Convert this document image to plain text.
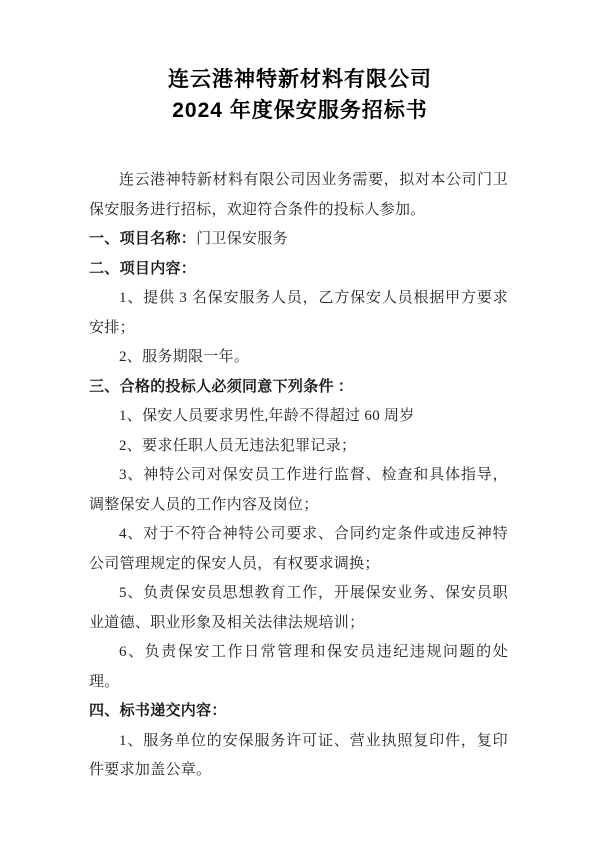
连云港神特新材料有限公司

2024 年度保安服务招标书

连云港神特新材料有限公司因业务需要，拟对本公司门卫保安服务进行招标，欢迎符合条件的投标人参加。

一、项目名称：门卫保安服务

二、项目内容：

1、提供 3 名保安服务人员，乙方保安人员根据甲方要求安排；

2、服务期限一年。

三、合格的投标人必须同意下列条件 ：

1、保安人员要求男性,年龄不得超过 60 周岁

2、要求任职人员无违法犯罪记录；

3、神特公司对保安员工作进行监督、检查和具体指导，调整保安人员的工作内容及岗位；

4、对于不符合神特公司要求、合同约定条件或违反神特公司管理规定的保安人员，有权要求调换；

5、负责保安员思想教育工作，开展保安业务、保安员职业道德、职业形象及相关法律法规培训；

6、负责保安工作日常管理和保安员违纪违规问题的处理。

四、标书递交内容：

1、服务单位的安保服务许可证、营业执照复印件，复印件要求加盖公章。
